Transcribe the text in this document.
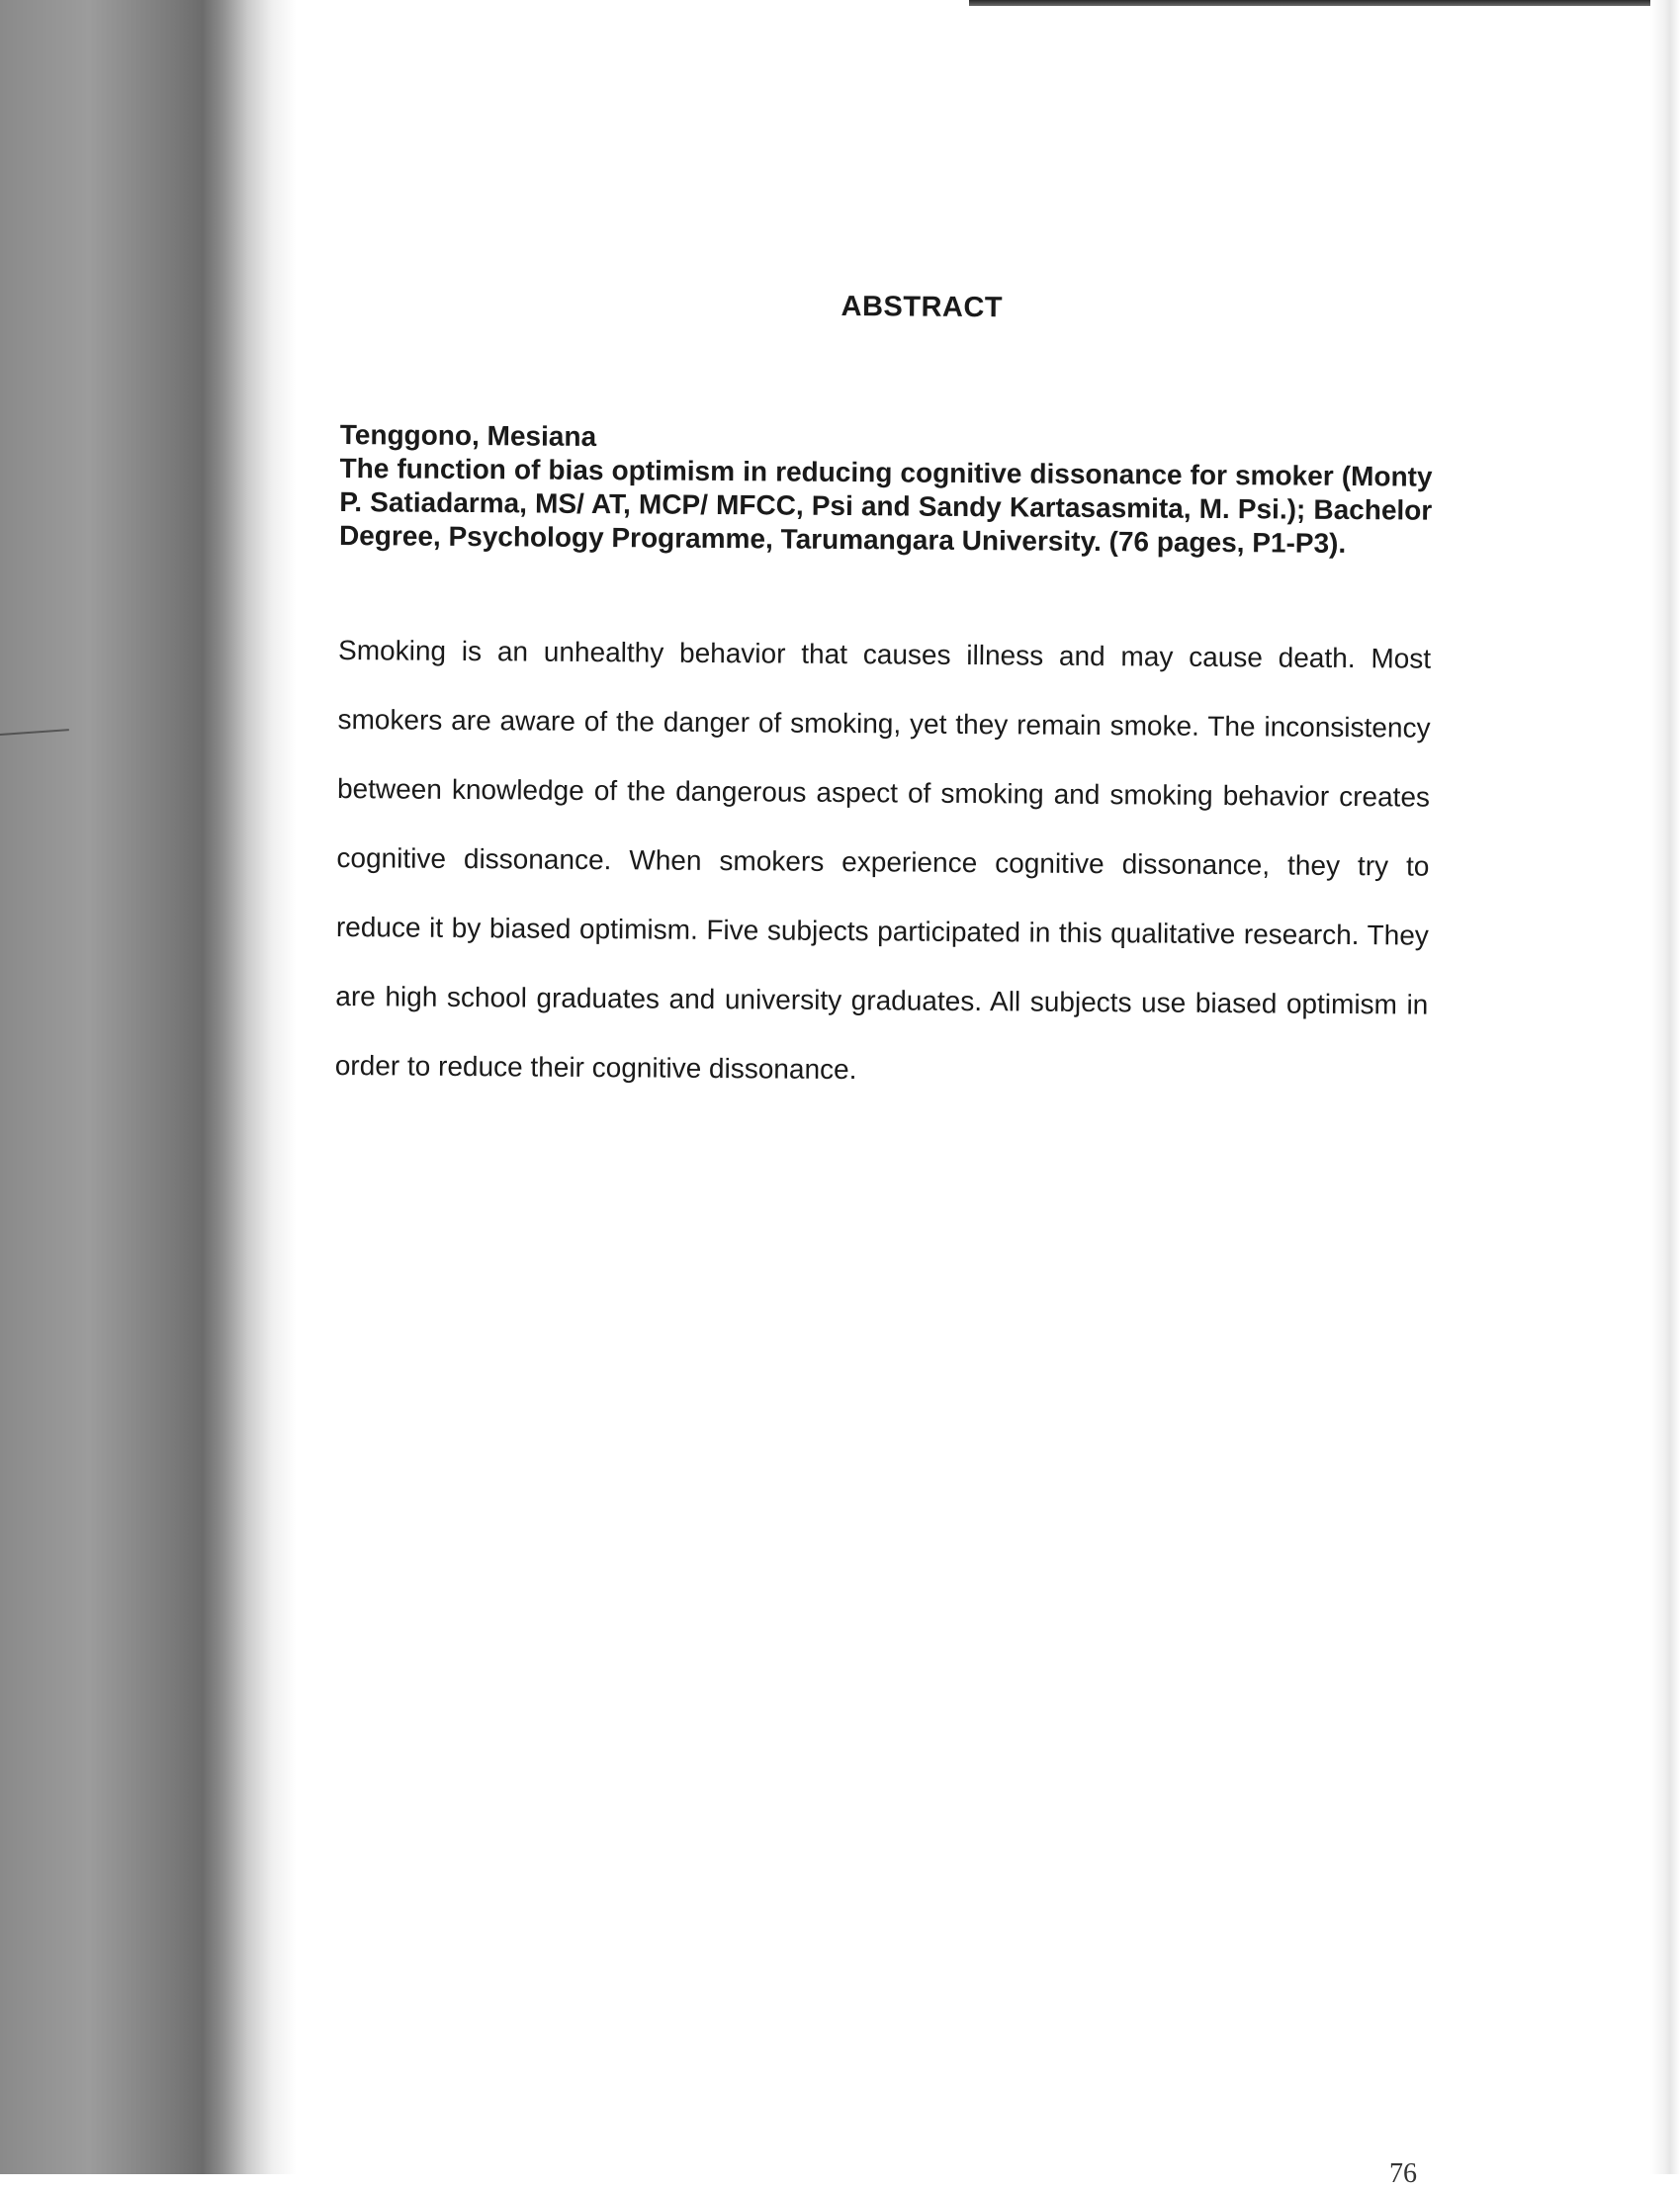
ABSTRACT
Tenggono, Mesiana
The function of bias optimism in reducing cognitive dissonance for smoker (Monty P. Satiadarma, MS/ AT, MCP/ MFCC, Psi and Sandy Kartasasmita, M. Psi.); Bachelor Degree, Psychology Programme, Tarumangara University. (76 pages, P1-P3).

Smoking is an unhealthy behavior that causes illness and may cause death. Most smokers are aware of the danger of smoking, yet they remain smoke. The inconsistency between knowledge of the dangerous aspect of smoking and smoking behavior creates cognitive dissonance. When smokers experience cognitive dissonance, they try to reduce it by biased optimism. Five subjects participated in this qualitative research. They are high school graduates and university graduates. All subjects use biased optimism in order to reduce their cognitive dissonance.

76
